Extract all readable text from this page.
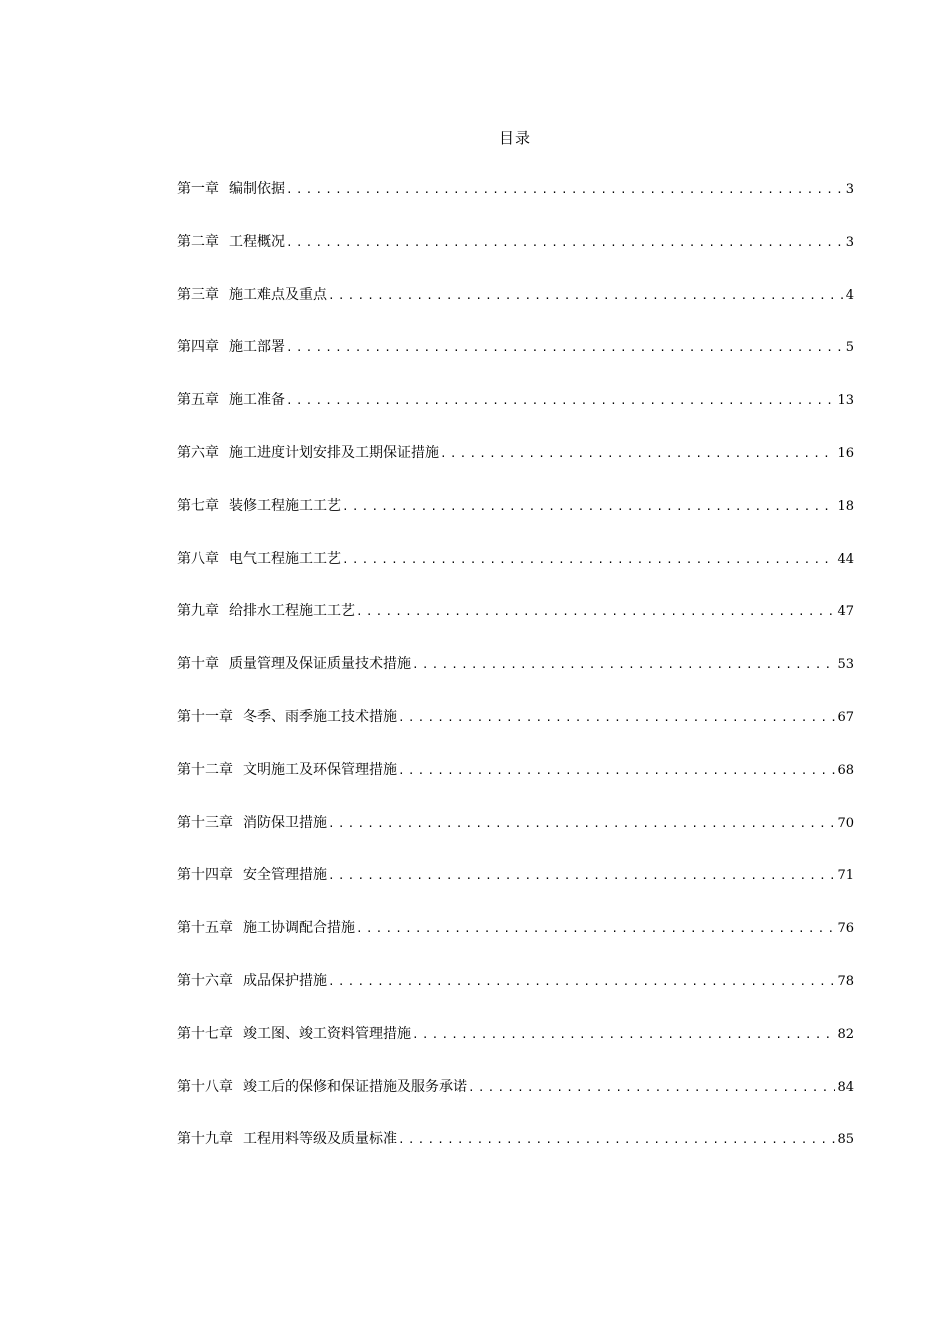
目录
第一章 编制依据 .....	3
第二章 工程概况 .....	3
第三章 施工难点及重点 .....	4
第四章 施工部署 .....	5
第五章 施工准备 .....	13
第六章 施工进度计划安排及工期保证措施 .....	16
第七章 装修工程施工工艺 .....	18
第八章 电气工程施工工艺 .....	44
第九章 给排水工程施工工艺 .....	47
第十章 质量管理及保证质量技术措施 .....	53
第十一章 冬季、雨季施工技术措施 .....	67
第十二章 文明施工及环保管理措施 .....	68
第十三章 消防保卫措施 .....	70
第十四章 安全管理措施 .....	71
第十五章 施工协调配合措施 .....	76
第十六章 成品保护措施 .....	78
第十七章 竣工图、竣工资料管理措施 .....	82
第十八章 竣工后的保修和保证措施及服务承诺 .....	84
第十九章 工程用料等级及质量标准 .....	85
